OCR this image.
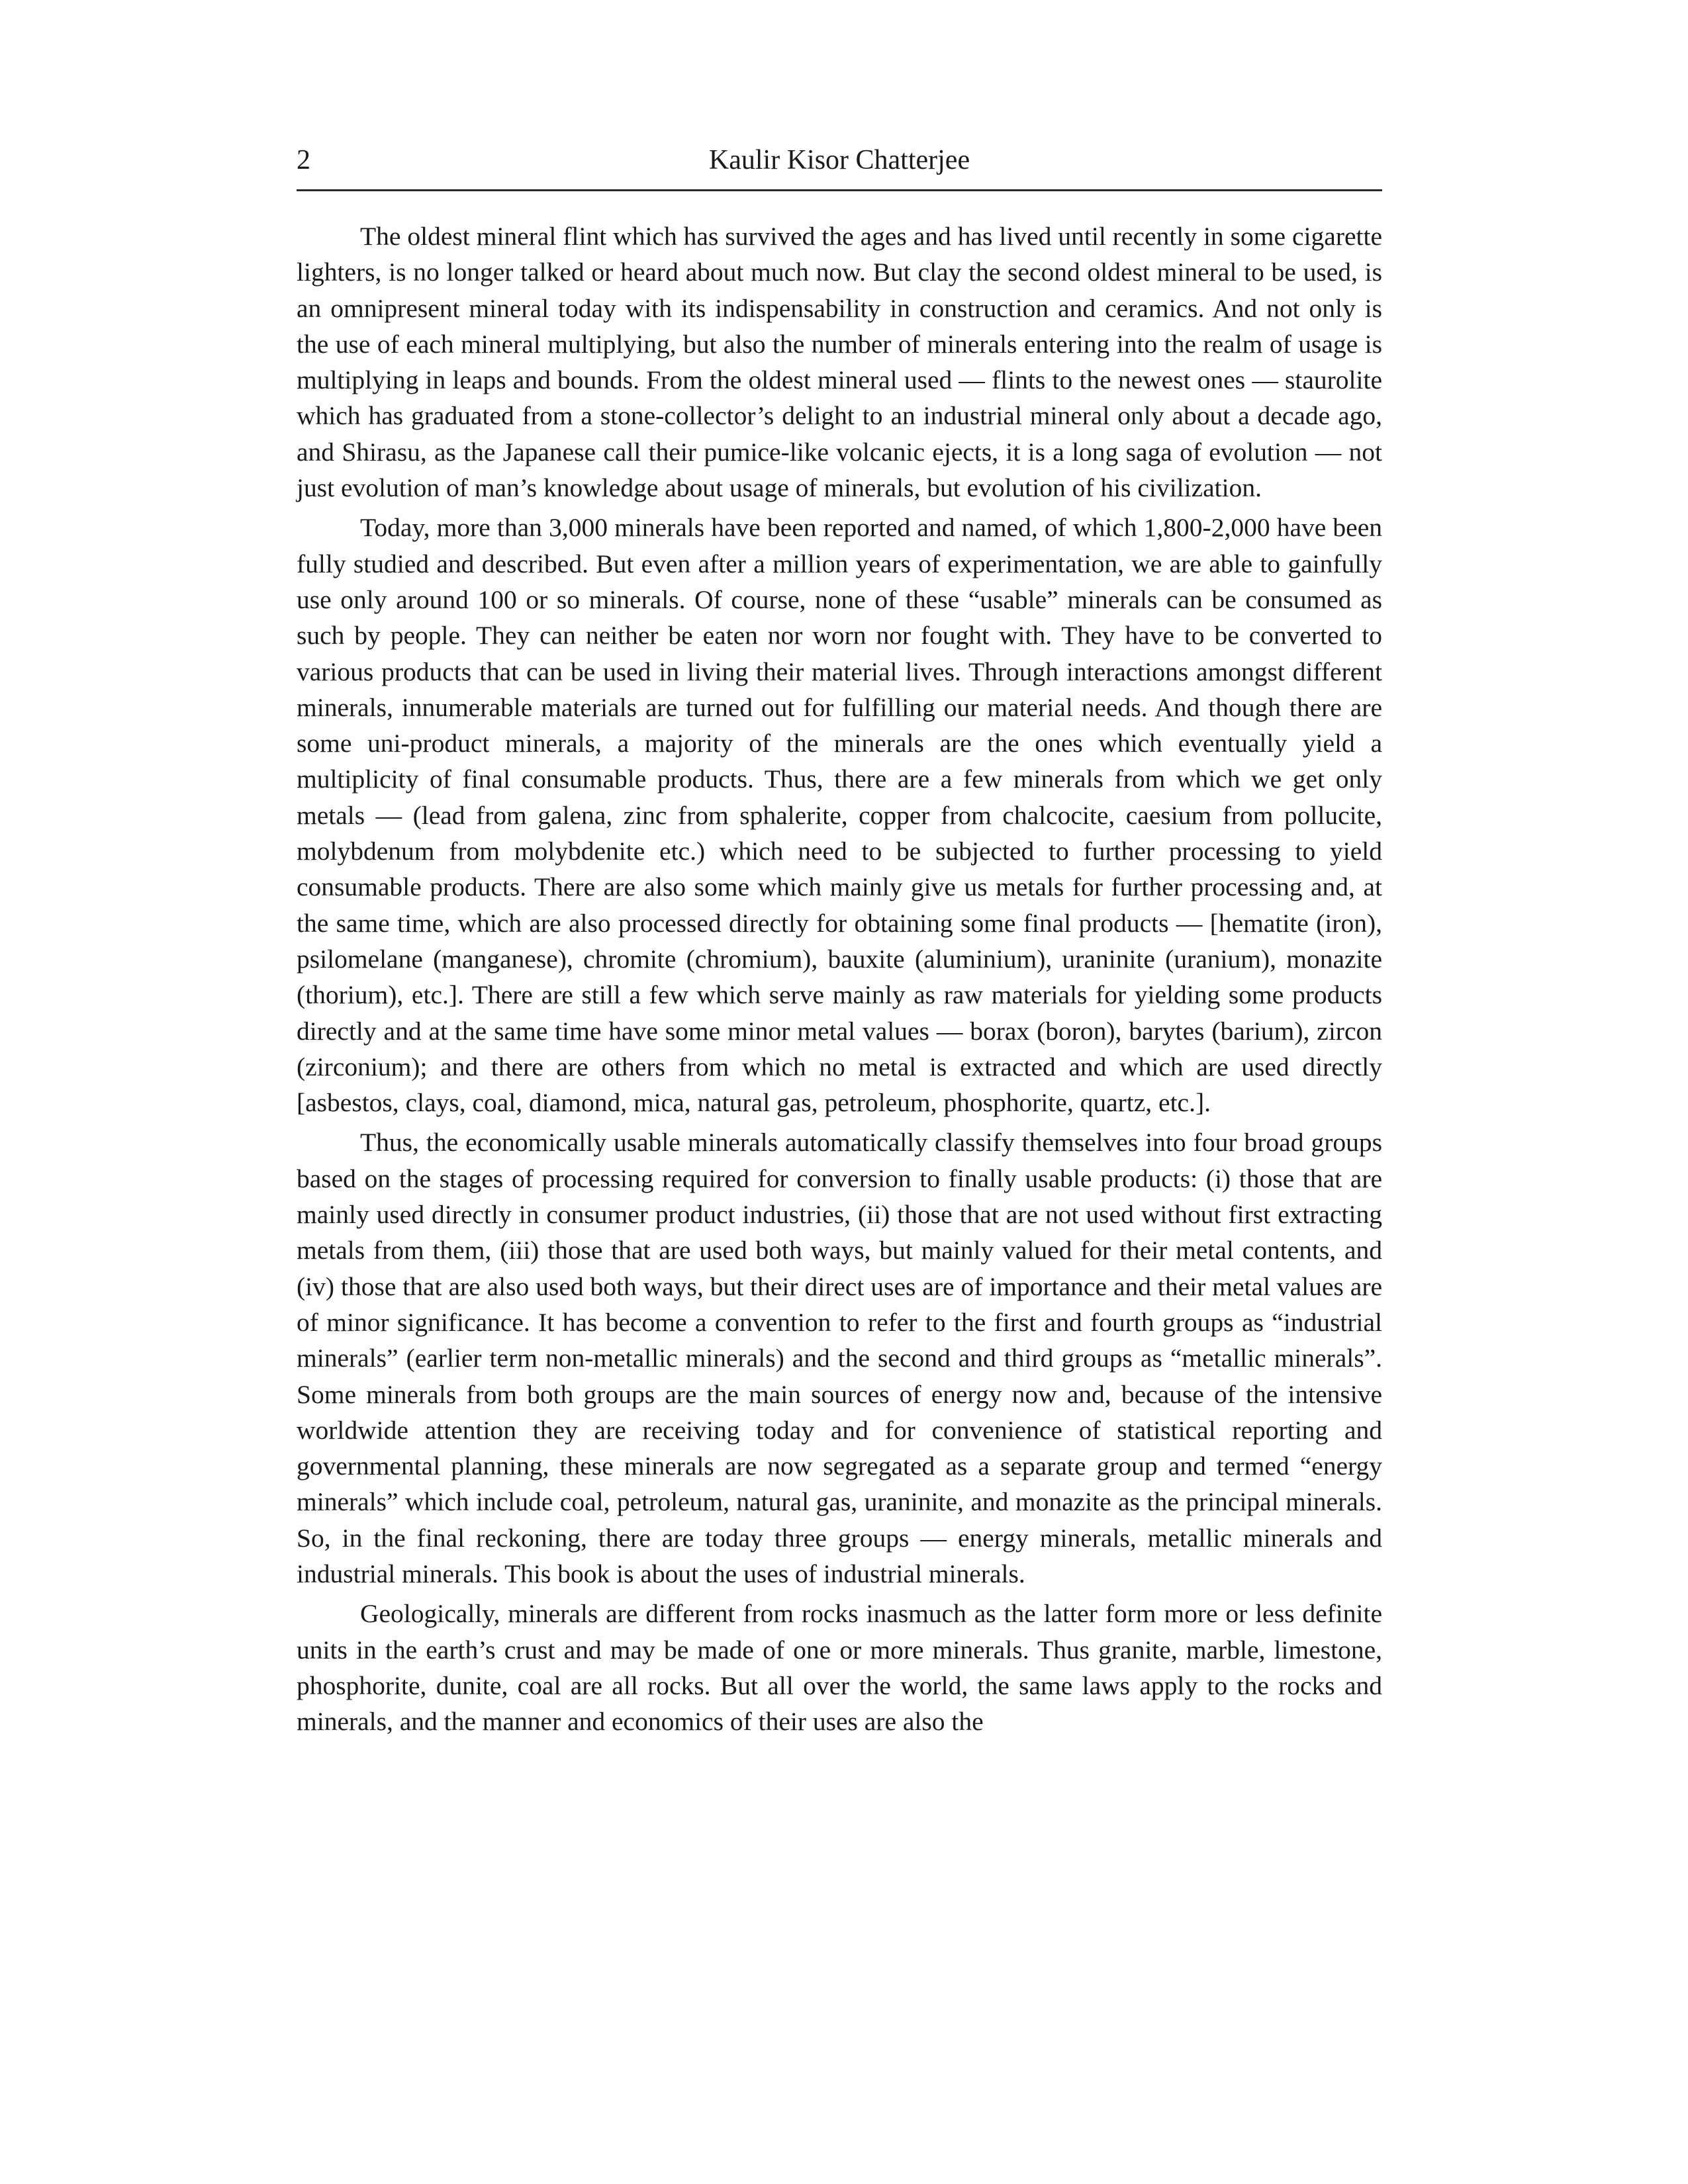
2	Kaulir Kisor Chatterjee

The oldest mineral flint which has survived the ages and has lived until recently in some cigarette lighters, is no longer talked or heard about much now. But clay the second oldest mineral to be used, is an omnipresent mineral today with its indispensability in construction and ceramics. And not only is the use of each mineral multiplying, but also the number of minerals entering into the realm of usage is multiplying in leaps and bounds. From the oldest mineral used — flints to the newest ones — staurolite which has graduated from a stone-collector’s delight to an industrial mineral only about a decade ago, and Shirasu, as the Japanese call their pumice-like volcanic ejects, it is a long saga of evolution — not just evolution of man’s knowledge about usage of minerals, but evolution of his civilization.

Today, more than 3,000 minerals have been reported and named, of which 1,800-2,000 have been fully studied and described. But even after a million years of experimentation, we are able to gainfully use only around 100 or so minerals. Of course, none of these “usable” minerals can be consumed as such by people. They can neither be eaten nor worn nor fought with. They have to be converted to various products that can be used in living their material lives. Through interactions amongst different minerals, innumerable materials are turned out for fulfilling our material needs. And though there are some uni-product minerals, a majority of the minerals are the ones which eventually yield a multiplicity of final consumable products. Thus, there are a few minerals from which we get only metals — (lead from galena, zinc from sphalerite, copper from chalcocite, caesium from pollucite, molybdenum from molybdenite etc.) which need to be subjected to further processing to yield consumable products. There are also some which mainly give us metals for further processing and, at the same time, which are also processed directly for obtaining some final products — [hematite (iron), psilomelane (manganese), chromite (chromium), bauxite (aluminium), uraninite (uranium), monazite (thorium), etc.]. There are still a few which serve mainly as raw materials for yielding some products directly and at the same time have some minor metal values — borax (boron), barytes (barium), zircon (zirconium); and there are others from which no metal is extracted and which are used directly [asbestos, clays, coal, diamond, mica, natural gas, petroleum, phosphorite, quartz, etc.].

Thus, the economically usable minerals automatically classify themselves into four broad groups based on the stages of processing required for conversion to finally usable products: (i) those that are mainly used directly in consumer product industries, (ii) those that are not used without first extracting metals from them, (iii) those that are used both ways, but mainly valued for their metal contents, and (iv) those that are also used both ways, but their direct uses are of importance and their metal values are of minor significance. It has become a convention to refer to the first and fourth groups as “industrial minerals” (earlier term non-metallic minerals) and the second and third groups as “metallic minerals”. Some minerals from both groups are the main sources of energy now and, because of the intensive worldwide attention they are receiving today and for convenience of statistical reporting and governmental planning, these minerals are now segregated as a separate group and termed “energy minerals” which include coal, petroleum, natural gas, uraninite, and monazite as the principal minerals. So, in the final reckoning, there are today three groups — energy minerals, metallic minerals and industrial minerals. This book is about the uses of industrial minerals.

Geologically, minerals are different from rocks inasmuch as the latter form more or less definite units in the earth’s crust and may be made of one or more minerals. Thus granite, marble, limestone, phosphorite, dunite, coal are all rocks. But all over the world, the same laws apply to the rocks and minerals, and the manner and economics of their uses are also the
